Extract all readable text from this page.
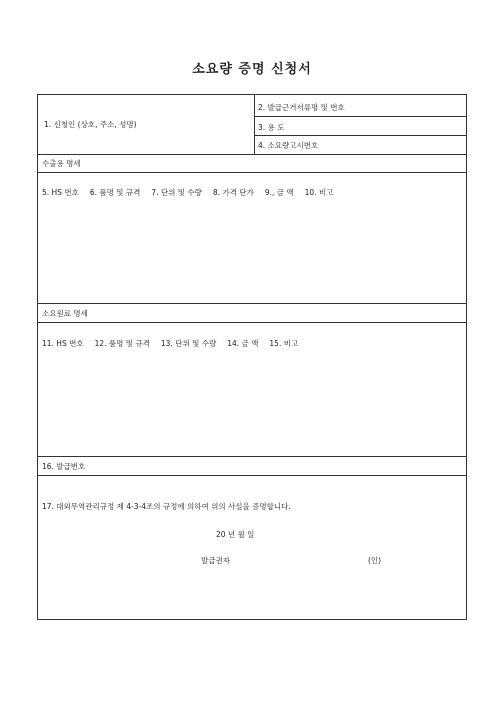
소요량 증명 신청서
1. 신청인 (상호, 주소, 성명)
2. 발급근거서류명 및 번호
3. 용 도
4. 소요량고시번호
수출용 명세
5. HS 번호 6. 품명 및 규격 7. 단위 및 수량 8. 가격 단가 9., 금 액 10. 비고
소요원료 명세
11. HS 번호 12. 품명 및 규격 13. 단위 및 수량 14. 금 액 15. 비고
16. 발급번호
17. 대외무역관리규정 제 4-3-4조의 규정에 의하여 위의 사실을 증명합니다.
20 년 월 일
발급권자	(인)
